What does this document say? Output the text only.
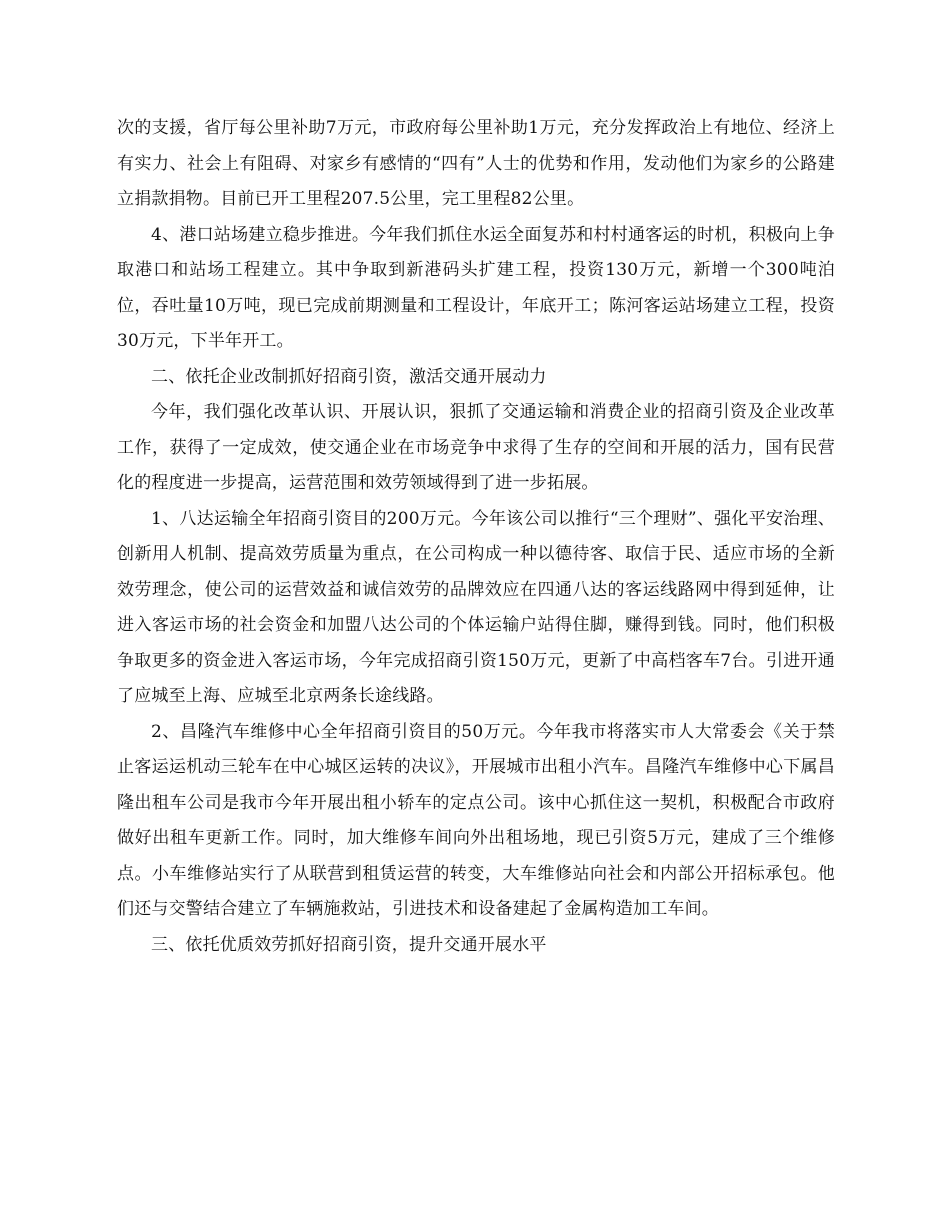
次的支援，省厅每公里补助7万元，市政府每公里补助1万元，充分发挥政治上有地位、经济上有实力、社会上有阻碍、对家乡有感情的“四有”人士的优势和作用，发动他们为家乡的公路建立捐款捐物。目前已开工里程207.5公里，完工里程82公里。

4、港口站场建立稳步推进。今年我们抓住水运全面复苏和村村通客运的时机，积极向上争取港口和站场工程建立。其中争取到新港码头扩建工程，投资130万元，新增一个300吨泊位，吞吐量10万吨，现已完成前期测量和工程设计，年底开工；陈河客运站场建立工程，投资30万元，下半年开工。

二、依托企业改制抓好招商引资，激活交通开展动力

今年，我们强化改革认识、开展认识，狠抓了交通运输和消费企业的招商引资及企业改革工作，获得了一定成效，使交通企业在市场竞争中求得了生存的空间和开展的活力，国有民营化的程度进一步提高，运营范围和效劳领域得到了进一步拓展。

1、八达运输全年招商引资目的200万元。今年该公司以推行“三个理财”、强化平安治理、创新用人机制、提高效劳质量为重点，在公司构成一种以德待客、取信于民、适应市场的全新效劳理念，使公司的运营效益和诚信效劳的品牌效应在四通八达的客运线路网中得到延伸，让进入客运市场的社会资金和加盟八达公司的个体运输户站得住脚，赚得到钱。同时，他们积极争取更多的资金进入客运市场，今年完成招商引资150万元，更新了中高档客车7台。引进开通了应城至上海、应城至北京两条长途线路。

2、昌隆汽车维修中心全年招商引资目的50万元。今年我市将落实市人大常委会《关于禁止客运运机动三轮车在中心城区运转的决议》，开展城市出租小汽车。昌隆汽车维修中心下属昌隆出租车公司是我市今年开展出租小轿车的定点公司。该中心抓住这一契机，积极配合市政府做好出租车更新工作。同时，加大维修车间向外出租场地，现已引资5万元，建成了三个维修点。小车维修站实行了从联营到租赁运营的转变，大车维修站向社会和内部公开招标承包。他们还与交警结合建立了车辆施救站，引进技术和设备建起了金属构造加工车间。

三、依托优质效劳抓好招商引资，提升交通开展水平
